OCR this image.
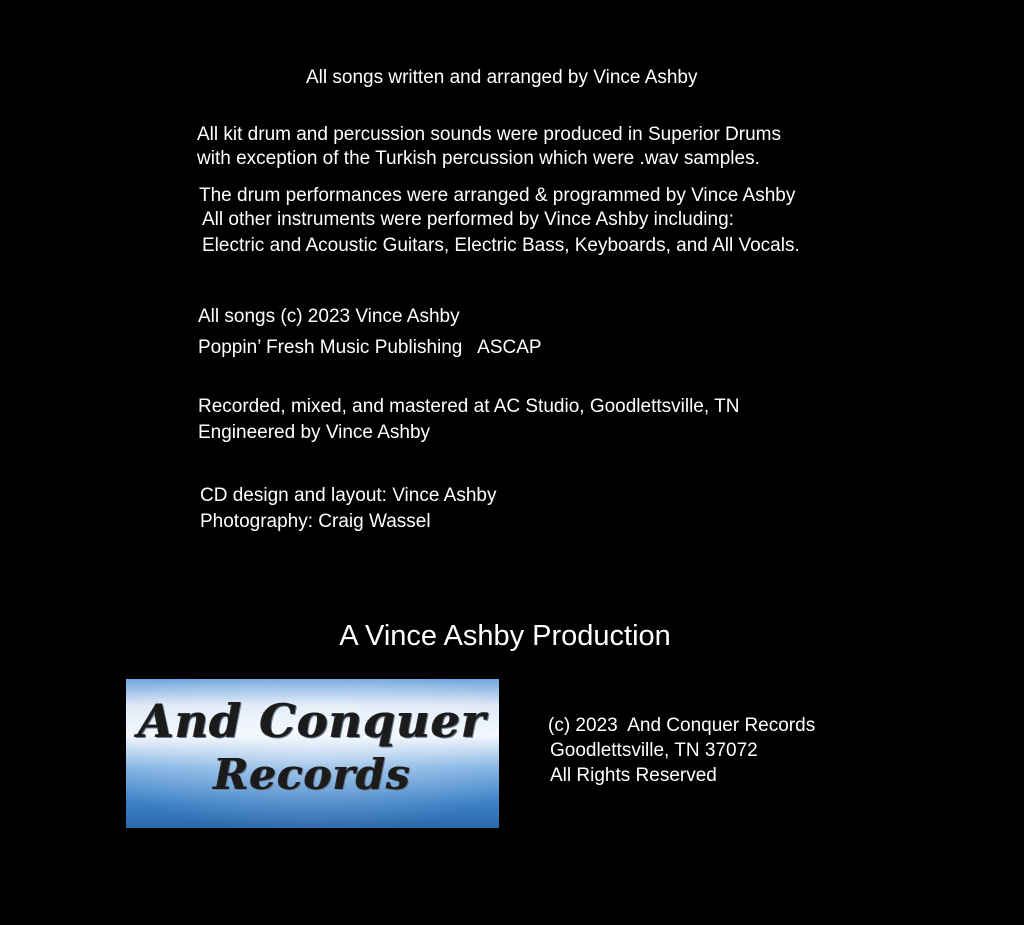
All songs written and arranged by Vince Ashby
All kit drum and percussion sounds were produced in Superior Drums
with exception of the Turkish percussion which were .wav samples.
The drum performances were arranged & programmed by Vince Ashby
All other instruments were performed by Vince Ashby including:
Electric and Acoustic Guitars, Electric Bass, Keyboards, and All Vocals.
All songs (c) 2023 Vince Ashby
Poppin’ Fresh Music Publishing   ASCAP
Recorded, mixed, and mastered at AC Studio, Goodlettsville, TN
Engineered by Vince Ashby
CD design and layout: Vince Ashby
Photography: Craig Wassel
A Vince Ashby Production
And Conquer
Records
(c) 2023  And Conquer Records
Goodlettsville, TN 37072
All Rights Reserved
